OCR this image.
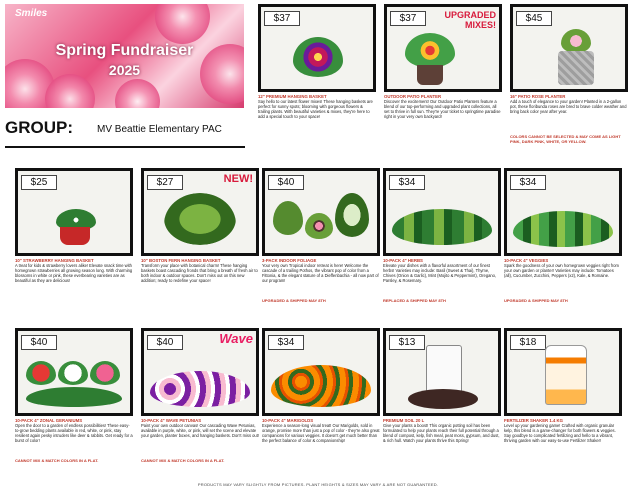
Smiles
Spring Fundraiser
2025
GROUP: MV Beattie Elementary PAC
$37
12" PREMIUM HANGING BASKET
Say hello to our latest flower mixes! These hanging baskets are perfect for sunny spots; blooming with gorgeous flowers & trailing plants. With beautiful varieties & mixes, they're here to add a special touch to your space!
$37	UPGRADED MIXES!
OUTDOOR PATIO PLANTER
Discover the excitement! Our Outdoor Patio Planters feature a blend of our top-performing and upgraded plant collections, all set to thrive in full sun. They're your ticket to springtime paradise right in your very own backyard!
$45
16" PATIO ROSE PLANTER
Add a touch of elegance to your garden! Planted in a 2-gallon pot, these floribunda roses are bred to brave colder weather and bring back color year after year.
COLORS CANNOT BE SELECTED & MAY COME AS LIGHT PINK, DARK PINK, WHITE, OR YELLOW.
$25
10" STRAWBERRY HANGING BASKET
A treat for kids & strawberry lovers alike! Elevate snack time with homegrown strawberries all growing season long. With charming blossoms in white or pink, these everbearing varieties are as beautiful as they are delicious!
$27	NEW!
10" BOSTON FERN HANGING BASKET
Transform your place with botanical charm! These hanging baskets boast cascading fronds that bring a breath of fresh air to both indoor & outdoor spaces. Don't miss out on this new addition; ready to redefine your space!
$40
3-PACK INDOOR FOLIAGE
Your very own Tropical indoor retreat is here! Welcome the cascade of a trailing Pothos, the vibrant pop of color from a Fittonia, & the elegant stature of a Dieffenbachia - all now part of our program!
UPGRADED & SHIPPED MAY 8TH
$34
10-PACK 4" HERBS
Elevate your dishes with a flavorful assortment of our finest herbs! Varieties may include: Basil (Sweet & Thai), Thyme, Chives (Onion & Garlic), Mint (Mojito & Peppermint), Oregano, Parsley, & Rosemary.
REPLACED & SHIPPED MAY 8TH
$34
10-PACK 4" VEGGIES
Spark the goodness of your own homegrown veggies right from your own garden or planter! Varieties may include: Tomatoes (all), Cucumber, Zucchini, Peppers (x2), Kale, & Romaine.
UPGRADED & SHIPPED MAY 8TH
$40
10-PACK 4" ZONAL GERANIUMS
Open the door to a garden of endless possibilities! These easy-to-grow bedding plants available in red, white, or pink, stay resilient again pesky intruders like deer & rabbits. Get ready for a burst of color!
CANNOT MIX & MATCH COLORS IN A FLAT.
$40	Wave
10-PACK 4" WAVE PETUNIAS
Paint your own outdoor canvas! Our cascading Wave Petunias, available in purple, white, or pink, will set the scene and elevate your garden, planter boxes, and hanging baskets. Don't miss out!
CANNOT MIX & MATCH COLORS IN A FLAT.
$34
10-PACK 4" MARIGOLDS
Experience a season-long visual treat! Our Marigolds, sold in orange, promise more than just a pop of color - they're also great companions for various veggies. It doesn't get much better than the perfect balance of color & companionship!
$13
PREMIUM SOIL 20 L
Give your plants a boost! This organic potting soil has been formulated to help your plants reach their full potential through a blend of compost, kelp, fish meal, peat moss, gypsum, and dust, & rich hull. Watch your plants thrive this Spring!
$18
FERTILIZER SHAKER 1.4 KG
Level up your gardening game! Crafted with organic granular kelp, this blend is a game-changer for both flowers & veggies. Say goodbye to complicated fertilizing and hello to a vibrant, thriving garden with our easy-to-use Fertilizer Shaker!
PRODUCTS MAY VARY SLIGHTLY FROM PICTURES. PLANT HEIGHTS & SIZES MAY VARY & ARE NOT GUARANTEED.
